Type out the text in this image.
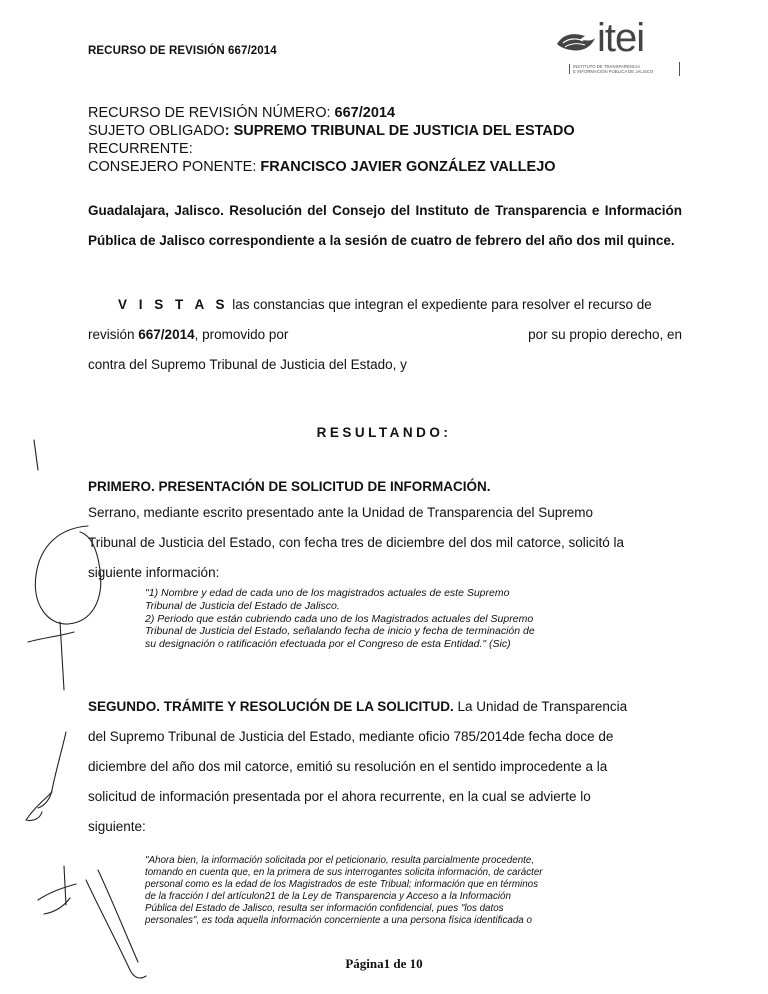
RECURSO DE REVISIÓN 667/2014	itei
INSTITUTO DE TRANSPARENCIA
E INFORMACIÓN PÚBLICA DE JALISCO
RECURSO DE REVISIÓN NÚMERO: 667/2014
SUJETO OBLIGADO: SUPREMO TRIBUNAL DE JUSTICIA DEL ESTADO
RECURRENTE:
CONSEJERO PONENTE: FRANCISCO JAVIER GONZÁLEZ VALLEJO
Guadalajara, Jalisco. Resolución del Consejo del Instituto de Transparencia e Información Pública de Jalisco correspondiente a la sesión de cuatro de febrero del año dos mil quince.
V I S T A S las constancias que integran el expediente para resolver el recurso de
revisión 667/2014, promovido por	por su propio derecho, en
contra del Supremo Tribunal de Justicia del Estado, y
RESULTANDO:
PRIMERO. PRESENTACIÓN DE SOLICITUD DE INFORMACIÓN.
Serrano, mediante escrito presentado ante la Unidad de Transparencia del Supremo
Tribunal de Justicia del Estado, con fecha tres de diciembre del dos mil catorce, solicitó la
siguiente información:
"1) Nombre y edad de cada uno de los magistrados actuales de este Supremo
Tribunal de Justicia del Estado de Jalisco.
2) Periodo que están cubriendo cada uno de los Magistrados actuales del Supremo
Tribunal de Justicia del Estado, señalando fecha de inicio y fecha de terminación de
su designación o ratificación efectuada por el Congreso de esta Entidad." (Sic)
SEGUNDO. TRÁMITE Y RESOLUCIÓN DE LA SOLICITUD. La Unidad de Transparencia
del Supremo Tribunal de Justicia del Estado, mediante oficio 785/2014de fecha doce de
diciembre del año dos mil catorce, emitió su resolución en el sentido improcedente a la
solicitud de información presentada por el ahora recurrente, en la cual se advierte lo
siguiente:
"Ahora bien, la información solicitada por el peticionario, resulta parcialmente procedente,
tomando en cuenta que, en la primera de sus interrogantes solicita información, de carácter
personal como es la edad de los Magistrados de este Tribual; información que en términos
de la fracción I del artículon21 de la Ley de Transparencia y Acceso a la Información
Pública del Estado de Jalisco, resulta ser información confidencial, pues "los datos
personales", es toda aquella información concerniente a una persona física identificada o
Página1 de 10
